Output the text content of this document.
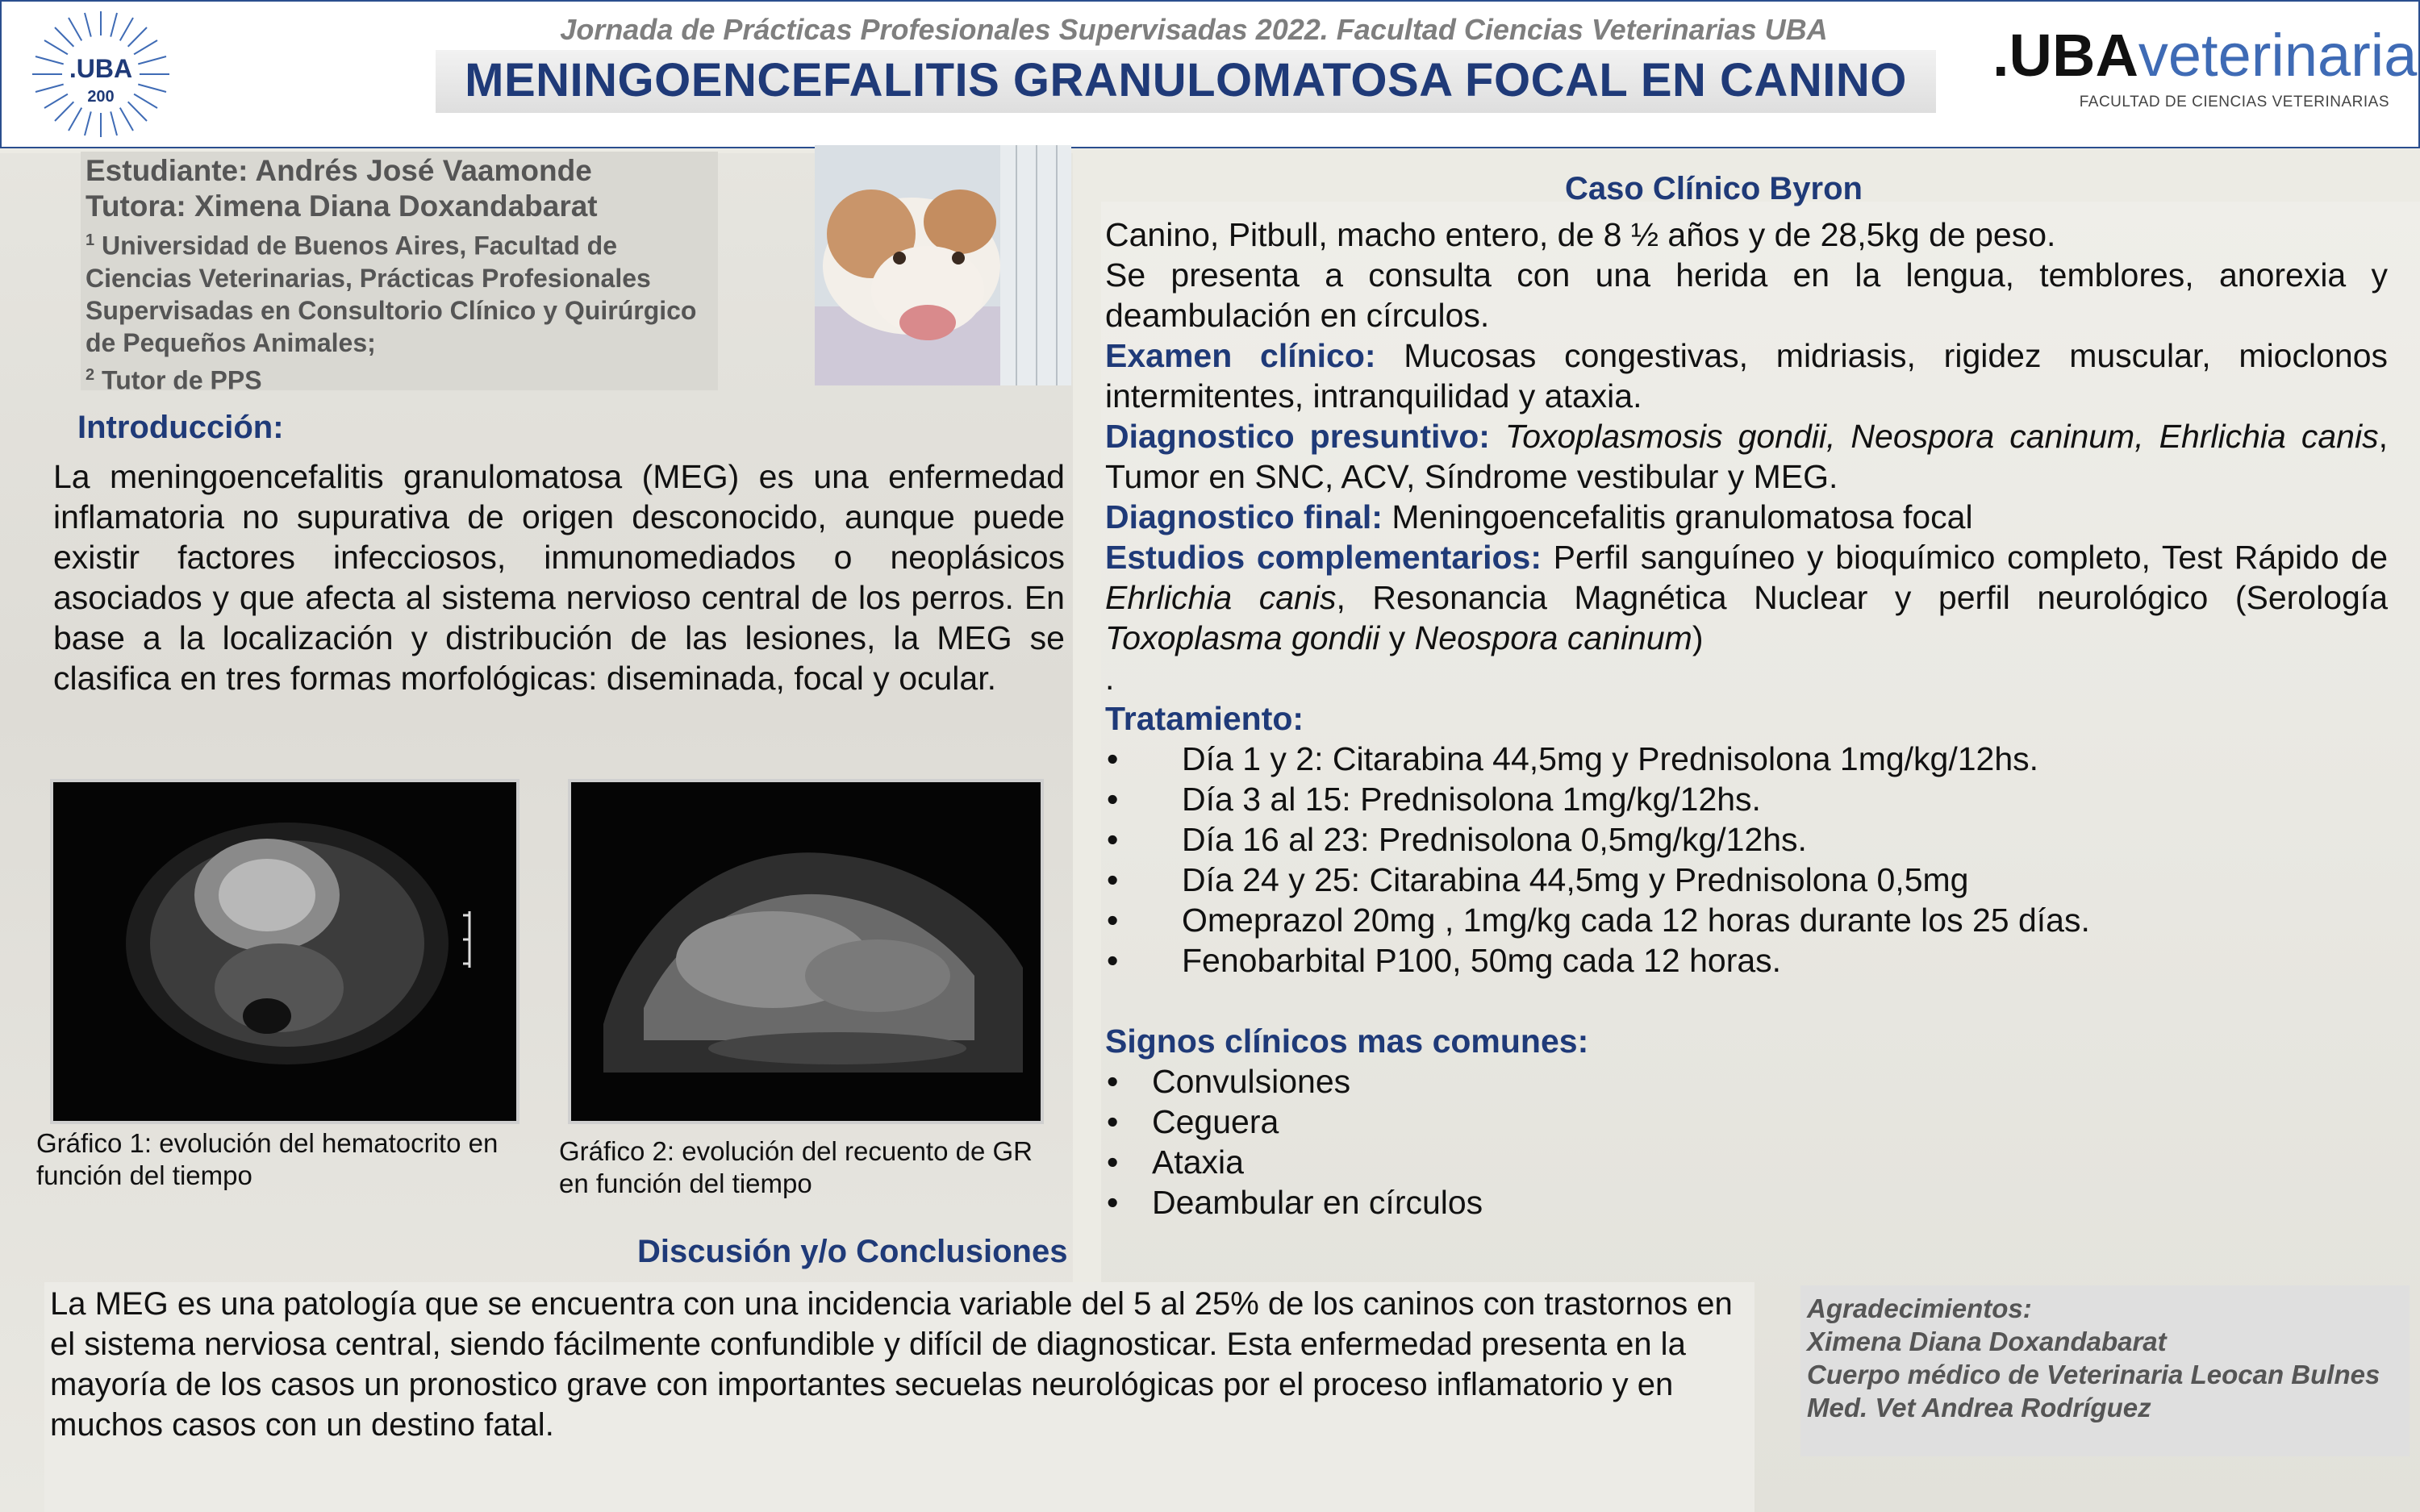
.UBA
200
Jornada de Prácticas Profesionales Supervisadas 2022. Facultad Ciencias Veterinarias UBA
MENINGOENCEFALITIS GRANULOMATOSA FOCAL EN CANINO	.UBAveterinaria
FACULTAD DE CIENCIAS VETERINARIAS
Estudiante: Andrés José Vaamonde
Tutora: Ximena Diana Doxandabarat
$^1$ Universidad de Buenos Aires, Facultad de Ciencias Veterinarias, Prácticas Profesionales Supervisadas en Consultorio Clínico y Quirúrgico de Pequeños Animales;
$^2$ Tutor de PPS
Introducción:
La meningoencefalitis granulomatosa (MEG) es una enfermedad inflamatoria no supurativa de origen desconocido, aunque puede existir factores infecciosos, inmunomediados o neoplásicos asociados y que afecta al sistema nervioso central de los perros. En base a la localización y distribución de las lesiones, la MEG se clasifica en tres formas morfológicas: diseminada, focal y ocular.
Gráfico 1: evolución del hematocrito en función del tiempo
Gráfico 2: evolución del recuento de GR en función del tiempo
Caso Clínico Byron
Canino, Pitbull, macho entero, de 8 ½ años y de 28,5kg de peso.
Se presenta a consulta con una herida en la lengua, temblores, anorexia y deambulación en círculos.
Examen clínico: Mucosas congestivas, midriasis, rigidez muscular, mioclonos intermitentes, intranquilidad y ataxia.
Diagnostico presuntivo: Toxoplasmosis gondii, Neospora caninum, Ehrlichia canis, Tumor en SNC, ACV, Síndrome vestibular y MEG.
Diagnostico final: Meningoencefalitis granulomatosa focal
Estudios complementarios: Perfil sanguíneo y bioquímico completo, Test Rápido de Ehrlichia canis, Resonancia Magnética Nuclear y perfil neurológico (Serología Toxoplasma gondii y Neospora caninum)
.
Tratamiento:
• Día 1 y 2: Citarabina 44,5mg y Prednisolona 1mg/kg/12hs.
• Día 3 al 15: Prednisolona 1mg/kg/12hs.
• Día 16 al 23: Prednisolona 0,5mg/kg/12hs.
• Día 24 y 25: Citarabina 44,5mg y Prednisolona 0,5mg
• Omeprazol 20mg , 1mg/kg cada 12 horas durante los 25 días.
• Fenobarbital P100, 50mg cada 12 horas.
Signos clínicos mas comunes:
• Convulsiones
• Ceguera
• Ataxia
• Deambular en círculos
Discusión y/o Conclusiones
La MEG es una patología que se encuentra con una incidencia variable del 5 al 25% de los caninos con trastornos en el sistema nerviosa central, siendo fácilmente confundible y difícil de diagnosticar. Esta enfermedad presenta en la mayoría de los casos un pronostico grave con importantes secuelas neurológicas por el proceso inflamatorio y en muchos casos con un destino fatal.

Agradecimientos:

Ximena Diana Doxandabarat

Cuerpo médico de Veterinaria Leocan Bulnes

Med. Vet Andrea Rodríguez
